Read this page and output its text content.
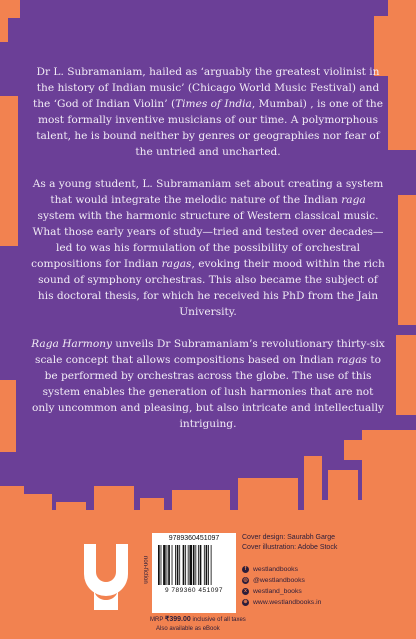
Dr L. Subramaniam, hailed as ‘arguably the greatest violinist in the history of Indian music’ (Chicago World Music Festival) and the ‘God of Indian Violin’ (Times of India, Mumbai) , is one of the most formally inventive musicians of our time. A polymorphous talent, he is bound neither by genres or geographies nor fear of the untried and uncharted.

As a young student, L. Subramaniam set about creating a system that would integrate the melodic nature of the Indian raga system with the harmonic structure of Western classical music. What those early years of study—tried and tested over decades—led to was his formulation of the possibility of orchestral compositions for Indian ragas, evoking their mood within the rich sound of symphony orchestras. This also became the subject of his doctoral thesis, for which he received his PhD from the Jain University.

Raga Harmony unveils Dr Subramaniam’s revolutionary thirty-six scale concept that allows compositions based on Indian ragas to be performed by orchestras across the globe. The use of this system enables the generation of lush harmonies that are not only uncommon and pleasing, but also intricate and intellectually intriguing.

non-fiction
9789360451097
9 789360 451097
MRP ₹399.00 inclusive of all taxes
Also available as eBook
Cover design: Saurabh Garge
Cover illustration: Adobe Stock
f westlandbooks
◎ @westlandbooks
x westland_books
⊕ www.westlandbooks.in
